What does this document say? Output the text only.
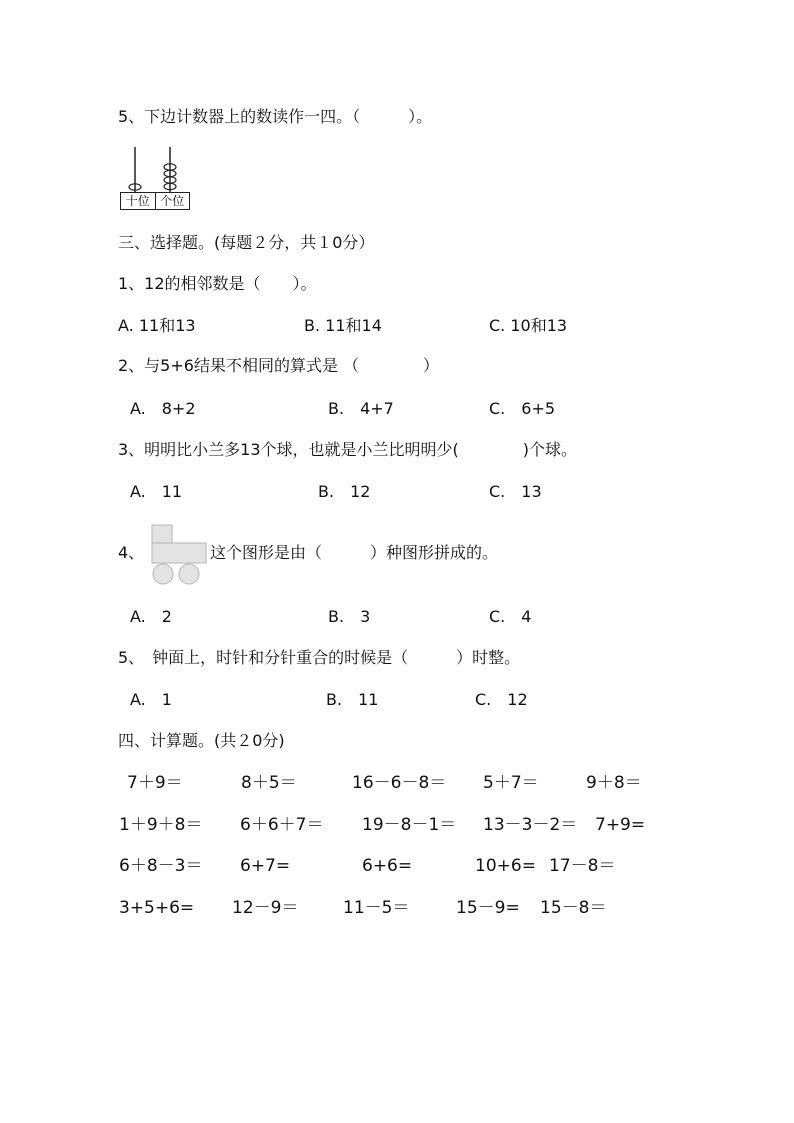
5、下边计数器上的数读作一四。（　　　）。
十位 个位
三、选择题。(每题２分，共１0分）
1、12的相邻数是（　　）。
A. 11和13	B. 11和14	C. 10和13
2、与5+6结果不相同的算式是 （　　　　）
A.　8+2	B.　4+7	C.　6+5
3、明明比小兰多13个球，也就是小兰比明明少(　　　　)个球。
A.　11	B.　12	C.　13
4、	这个图形是由（　　　）种图形拼成的。
A.　2	B.　3	C.　4
5、　钟面上，时针和分针重合的时候是（　　　）时整。
A.　1	B.　11	C.　12
四、计算题。(共２0分)
7＋9＝	8＋5＝	16－6－8＝ 5＋7＝	9＋8＝
1＋9＋8＝ 6＋6＋7＝ 19－8－1＝ 13－3－2＝ 7+9=
6＋8－3＝ 6+7=	6+6=	10+6= 17－8＝
3+5+6= 12－9＝	11－5＝	15－9= 15－8＝
